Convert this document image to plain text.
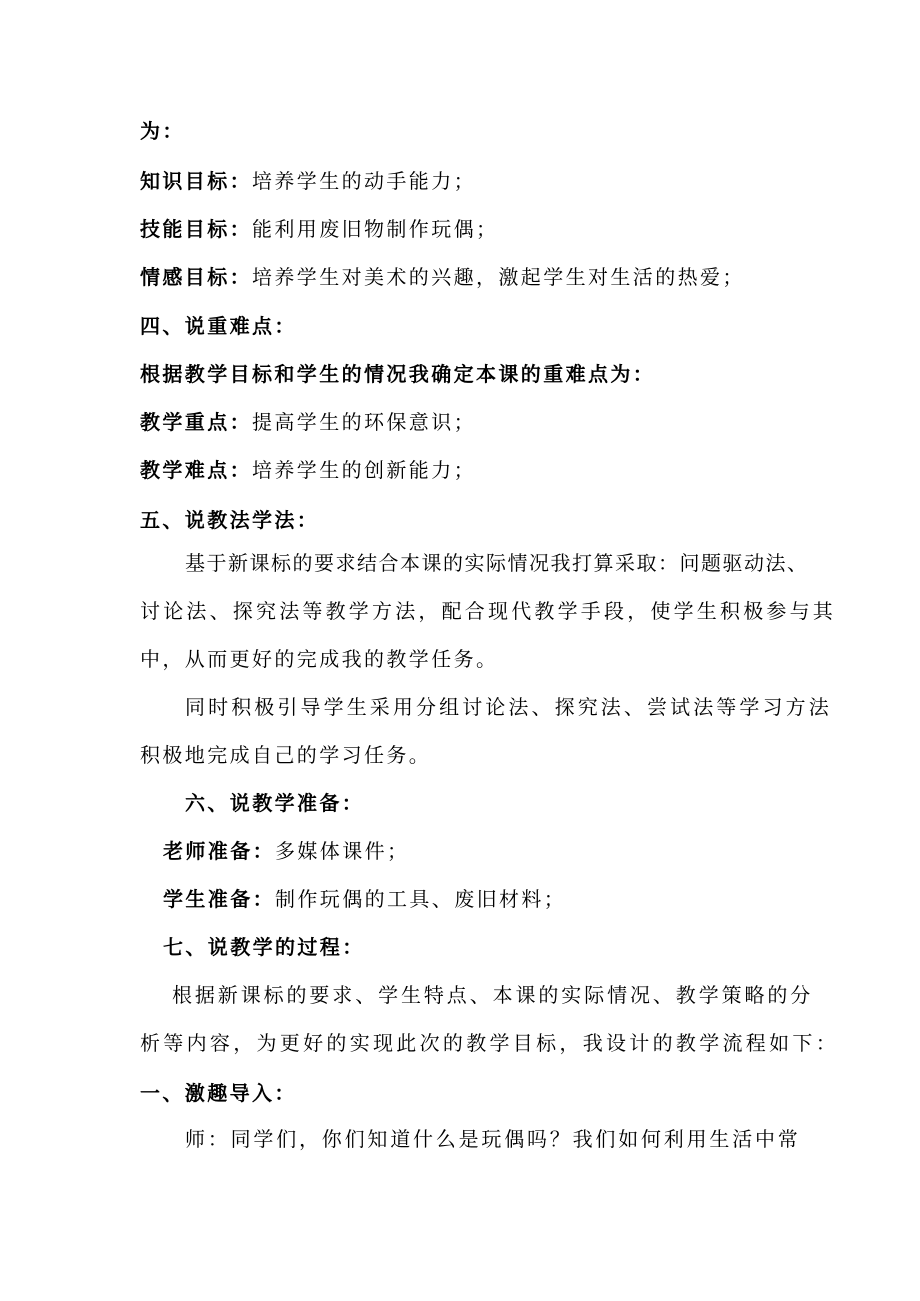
为：
知识目标：培养学生的动手能力；
技能目标：能利用废旧物制作玩偶；
情感目标：培养学生对美术的兴趣，激起学生对生活的热爱；
四、说重难点：
根据教学目标和学生的情况我确定本课的重难点为：
教学重点：提高学生的环保意识；
教学难点：培养学生的创新能力；
五、说教法学法：
基于新课标的要求结合本课的实际情况我打算采取：问题驱动法、
讨论法、探究法等教学方法，配合现代教学手段，使学生积极参与其
中，从而更好的完成我的教学任务。
同时积极引导学生采用分组讨论法、探究法、尝试法等学习方法
积极地完成自己的学习任务。
六、说教学准备：
老师准备：多媒体课件；
学生准备：制作玩偶的工具、废旧材料；
七、说教学的过程：
根据新课标的要求、学生特点、本课的实际情况、教学策略的分
析等内容，为更好的实现此次的教学目标，我设计的教学流程如下：
一、激趣导入：
师：同学们，你们知道什么是玩偶吗？我们如何利用生活中常
